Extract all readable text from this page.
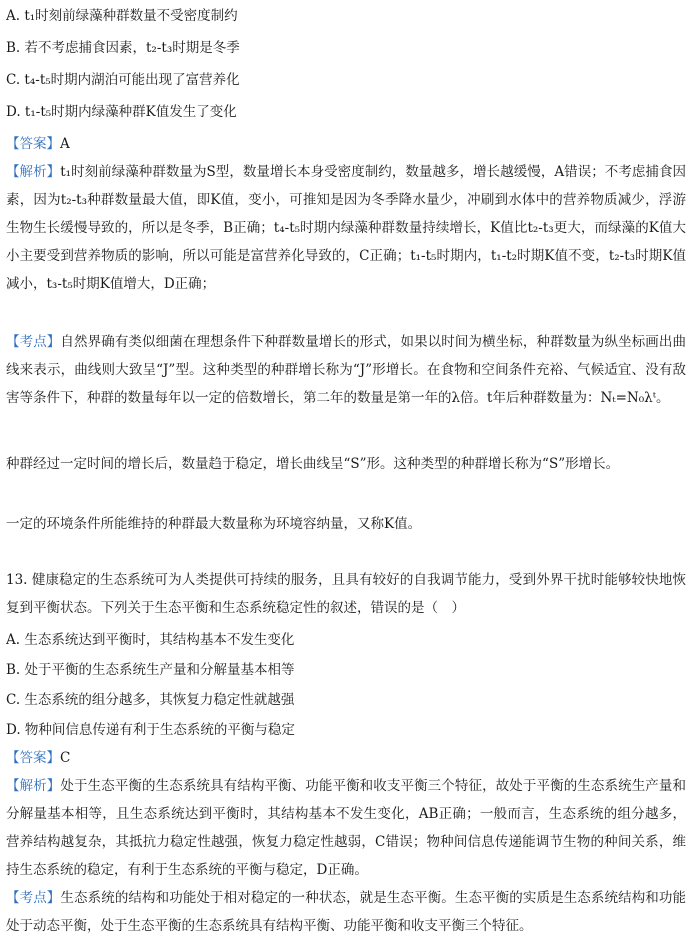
A. t₁时刻前绿藻种群数量不受密度制约
B. 若不考虑捕食因素，t₂-t₃时期是冬季
C. t₄-t₅时期内湖泊可能出现了富营养化
D. t₁-t₅时期内绿藻种群K值发生了变化
【答案】A
【解析】t₁时刻前绿藻种群数量为S型，数量增长本身受密度制约，数量越多，增长越缓慢，A错误；不考虑捕食因素，因为t₂-t₃种群数量最大值，即K值，变小，可推知是因为冬季降水量少，冲刷到水体中的营养物质减少，浮游生物生长缓慢导致的，所以是冬季，B正确；t₄-t₅时期内绿藻种群数量持续增长，K值比t₂-t₃更大，而绿藻的K值大小主要受到营养物质的影响，所以可能是富营养化导致的，C正确；t₁-t₅时期内，t₁-t₂时期K值不变，t₂-t₃时期K值减小，t₃-t₅时期K值增大，D正确；
【考点】自然界确有类似细菌在理想条件下种群数量增长的形式，如果以时间为横坐标，种群数量为纵坐标画出曲线来表示，曲线则大致呈“J”型。这种类型的种群增长称为“J”形增长。在食物和空间条件充裕、气候适宜、没有敌害等条件下，种群的数量每年以一定的倍数增长，第二年的数量是第一年的λ倍。t年后种群数量为：Nₜ=N₀λᵗ。
种群经过一定时间的增长后，数量趋于稳定，增长曲线呈“S”形。这种类型的种群增长称为“S”形增长。
一定的环境条件所能维持的种群最大数量称为环境容纳量，又称K值。
13. 健康稳定的生态系统可为人类提供可持续的服务，且具有较好的自我调节能力，受到外界干扰时能够较快地恢复到平衡状态。下列关于生态平衡和生态系统稳定性的叙述，错误的是（　）
A. 生态系统达到平衡时，其结构基本不发生变化
B. 处于平衡的生态系统生产量和分解量基本相等
C. 生态系统的组分越多，其恢复力稳定性就越强
D. 物种间信息传递有利于生态系统的平衡与稳定
【答案】C
【解析】处于生态平衡的生态系统具有结构平衡、功能平衡和收支平衡三个特征，故处于平衡的生态系统生产量和分解量基本相等，且生态系统达到平衡时，其结构基本不发生变化，AB正确；一般而言，生态系统的组分越多，营养结构越复杂，其抵抗力稳定性越强，恢复力稳定性越弱，C错误；物种间信息传递能调节生物的种间关系，维持生态系统的稳定，有利于生态系统的平衡与稳定，D正确。
【考点】生态系统的结构和功能处于相对稳定的一种状态，就是生态平衡。生态平衡的实质是生态系统结构和功能处于动态平衡，处于生态平衡的生态系统具有结构平衡、功能平衡和收支平衡三个特征。
